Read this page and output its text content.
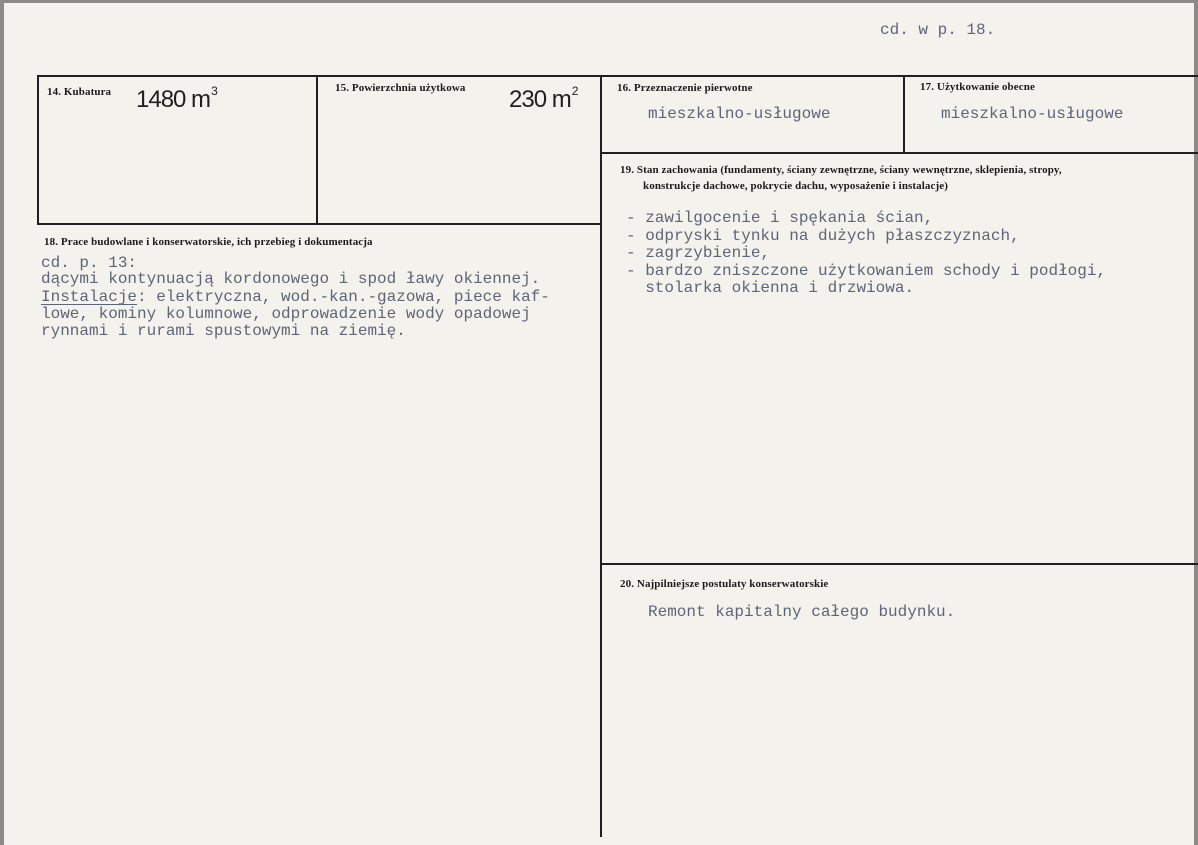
cd. w p. 18.
14. Kubatura 1480 $m^3$	15. Powierzchnia użytkowa 230 $m^2$	16. Przeznaczenie pierwotne
mieszkalno-usługowe
17. Użytkowanie obecne
mieszkalno-usługowe
19. Stan zachowania (fundamenty, ściany zewnętrzne, ściany wewnętrzne, sklepienia, stropy,
konstrukcje dachowe, pokrycie dachu, wyposażenie i instalacje)
- zawilgocenie i spękania ścian,
- odpryski tynku na dużych płaszczyznach,
- zagrzybienie,
- bardzo zniszczone użytkowaniem schody i podłogi,
stolarka okienna i drzwiowa.
18. Prace budowlane i konserwatorskie, ich przebieg i dokumentacja
cd. p. 13:
dącymi kontynuacją kordonowego i spod ławy okiennej.
Instalacje: elektryczna, wod.-kan.-gazowa, piece kaf-
lowe, kominy kolumnowe, odprowadzenie wody opadowej
rynnami i rurami spustowymi na ziemię.
20. Najpilniejsze postulaty konserwatorskie
Remont kapitalny całego budynku.
